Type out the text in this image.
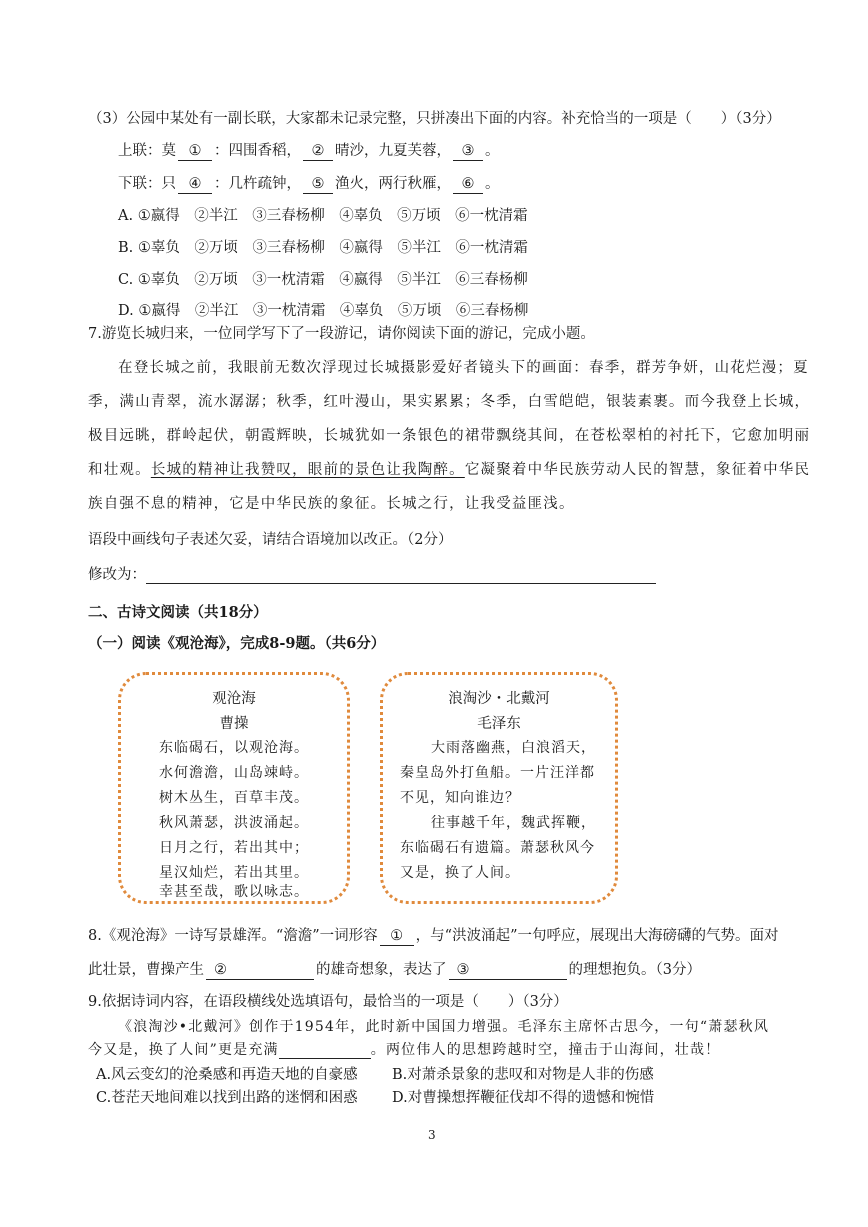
（3）公园中某处有一副长联，大家都未记录完整，只拼凑出下面的内容。补充恰当的一项是（　　）（3分）
上联：莫 ① ：四围香稻， ② 晴沙，九夏芙蓉， ③ 。
下联：只 ④ ：几杵疏钟， ⑤ 渔火，两行秋雁， ⑥ 。
A. ①嬴得　②半江　③三春杨柳　④辜负　⑤万顷　⑥一枕清霜
B. ①辜负　②万顷　③三春杨柳　④嬴得　⑤半江　⑥一枕清霜
C. ①辜负　②万顷　③一枕清霜　④嬴得　⑤半江　⑥三春杨柳
D. ①嬴得　②半江　③一枕清霜　④辜负　⑤万顷　⑥三春杨柳
7.游览长城归来，一位同学写下了一段游记，请你阅读下面的游记，完成小题。
在登长城之前，我眼前无数次浮现过长城摄影爱好者镜头下的画面：春季，群芳争妍，山花烂漫；夏
季，满山青翠，流水潺潺；秋季，红叶漫山，果实累累；冬季，白雪皑皑，银装素裹。而今我登上长城，
极目远眺，群岭起伏，朝霞辉映，长城犹如一条银色的裙带飘绕其间，在苍松翠柏的衬托下，它愈加明丽
和壮观。长城的精神让我赞叹，眼前的景色让我陶醉。它凝聚着中华民族劳动人民的智慧，象征着中华民
族自强不息的精神，它是中华民族的象征。长城之行，让我受益匪浅。
语段中画线句子表述欠妥，请结合语境加以改正。（2分）
修改为：
二、古诗文阅读（共18分）
（一）阅读《观沧海》，完成8-9题。（共6分）
观沧海
曹操
东临碣石，以观沧海。
水何澹澹，山岛竦峙。
树木丛生，百草丰茂。
秋风萧瑟，洪波涌起。
日月之行，若出其中；
星汉灿烂，若出其里。
幸甚至哉，歌以咏志。
浪淘沙・北戴河
毛泽东
大雨落幽燕，白浪滔天，
秦皇岛外打鱼船。一片汪洋都
不见，知向谁边？
往事越千年，魏武挥鞭，
东临碣石有遗篇。萧瑟秋风今
又是，换了人间。
8.《观沧海》一诗写景雄浑。“澹澹”一词形容 ① ，与“洪波涌起”一句呼应，展现出大海磅礴的气势。面对
此壮景，曹操产生 ②	的雄奇想象，表达了 ③	的理想抱负。（3分）
9.依据诗词内容，在语段横线处选填语句，最恰当的一项是（　　）（3分）
《浪淘沙•北戴河》创作于1954年，此时新中国国力增强。毛泽东主席怀古思今，一句“萧瑟秋风
今又是，换了人间”更是充满	。两位伟人的思想跨越时空，撞击于山海间，壮哉！
A.风云变幻的沧桑感和再造天地的自豪感 B.对萧杀景象的悲叹和对物是人非的伤感
C.苍茫天地间难以找到出路的迷惘和困惑 D.对曹操想挥鞭征伐却不得的遗憾和惋惜
3
